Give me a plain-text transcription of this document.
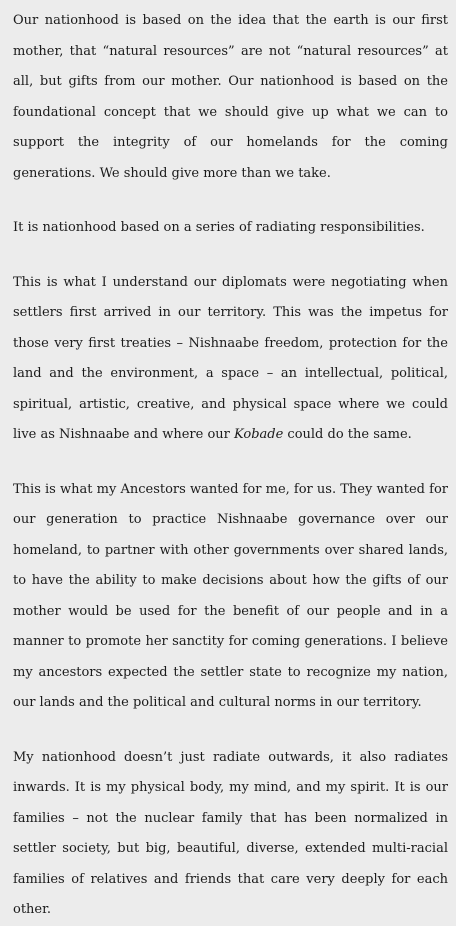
Our nationhood is based on the idea that the earth is our first mother, that “natural resources” are not “natural resources” at all, but gifts from our mother. Our nationhood is based on the foundational concept that we should give up what we can to support the integrity of our homelands for the coming generations. We should give more than we take.

It is nationhood based on a series of radiating responsibilities.

This is what I understand our diplomats were negotiating when settlers first arrived in our territory. This was the impetus for those very first treaties – Nishnaabe freedom, protection for the land and the environment, a space – an intellectual, political, spiritual, artistic, creative, and physical space where we could live as Nishnaabe and where our Kobade could do the same.

This is what my Ancestors wanted for me, for us. They wanted for our generation to practice Nishnaabe governance over our homeland, to partner with other governments over shared lands, to have the ability to make decisions about how the gifts of our mother would be used for the benefit of our people and in a manner to promote her sanctity for coming generations. I believe my ancestors expected the settler state to recognize my nation, our lands and the political and cultural norms in our territory.

My nationhood doesn’t just radiate outwards, it also radiates inwards. It is my physical body, my mind, and my spirit. It is our families – not the nuclear family that has been normalized in settler society, but big, beautiful, diverse, extended multi-racial families of relatives and friends that care very deeply for each other.
